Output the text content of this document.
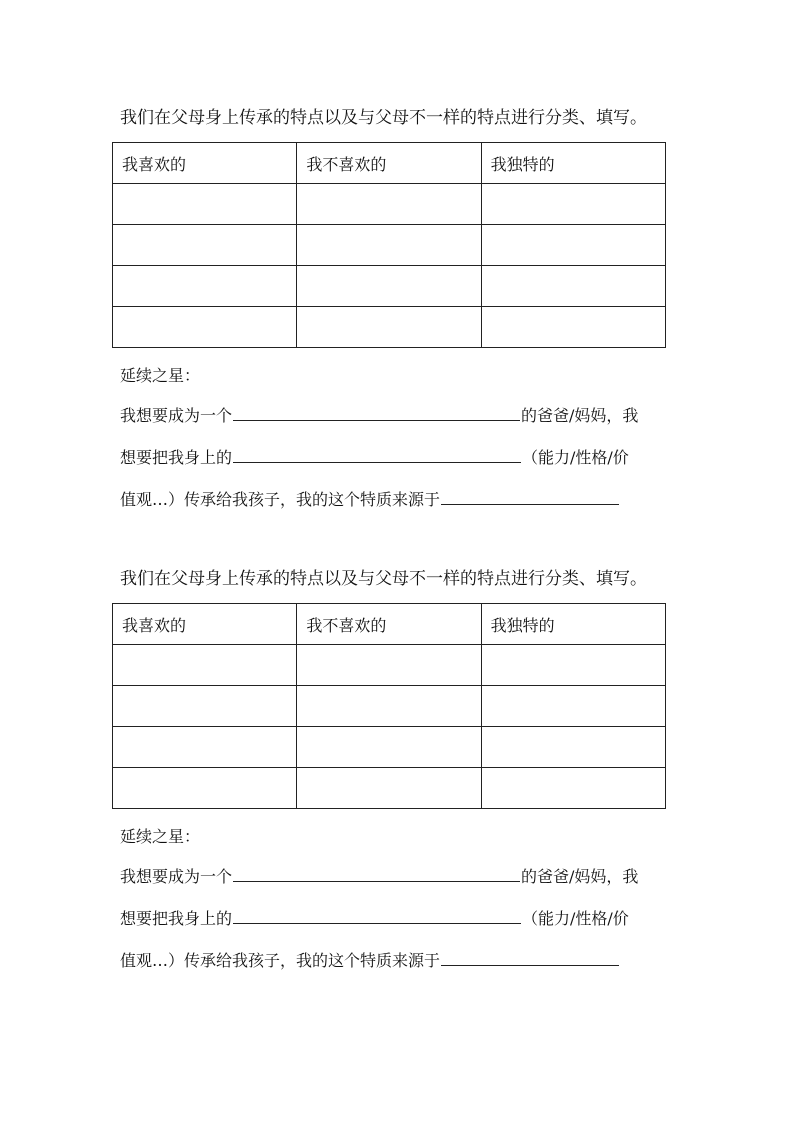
我们在父母身上传承的特点以及与父母不一样的特点进行分类、填写。
我喜欢的	我不喜欢的	我独特的

延续之星：
我想要成为一个	的爸爸/妈妈，我
想要把我身上的	（能力/性格/价
值观…）传承给我孩子，我的这个特质来源于
我们在父母身上传承的特点以及与父母不一样的特点进行分类、填写。
我喜欢的	我不喜欢的	我独特的

延续之星：
我想要成为一个	的爸爸/妈妈，我
想要把我身上的	（能力/性格/价
值观…）传承给我孩子，我的这个特质来源于
